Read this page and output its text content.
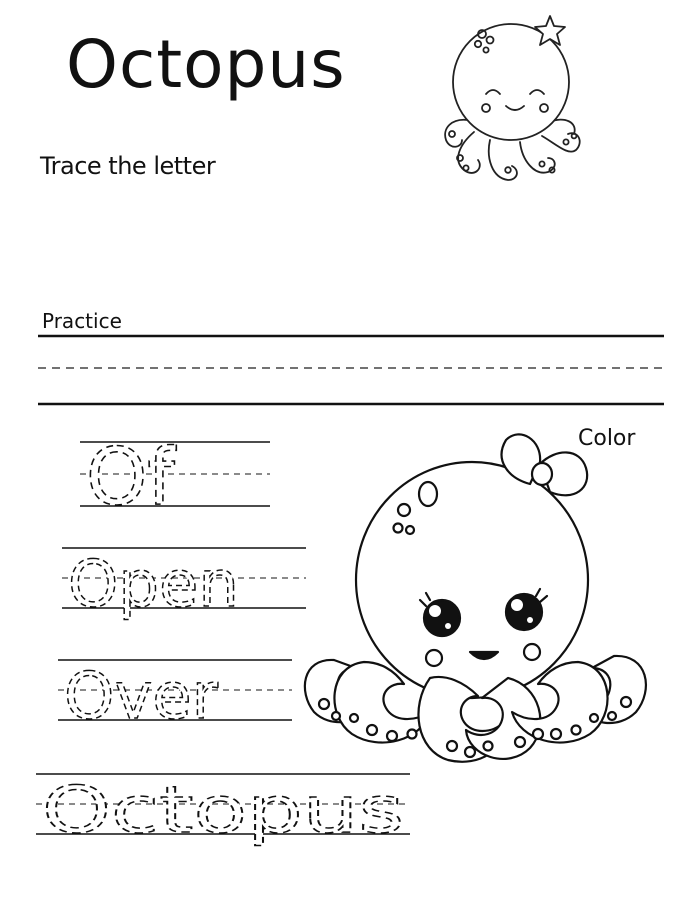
Octopus
Trace the letter
Practice
Color
Of
Open
Over
Octopus
